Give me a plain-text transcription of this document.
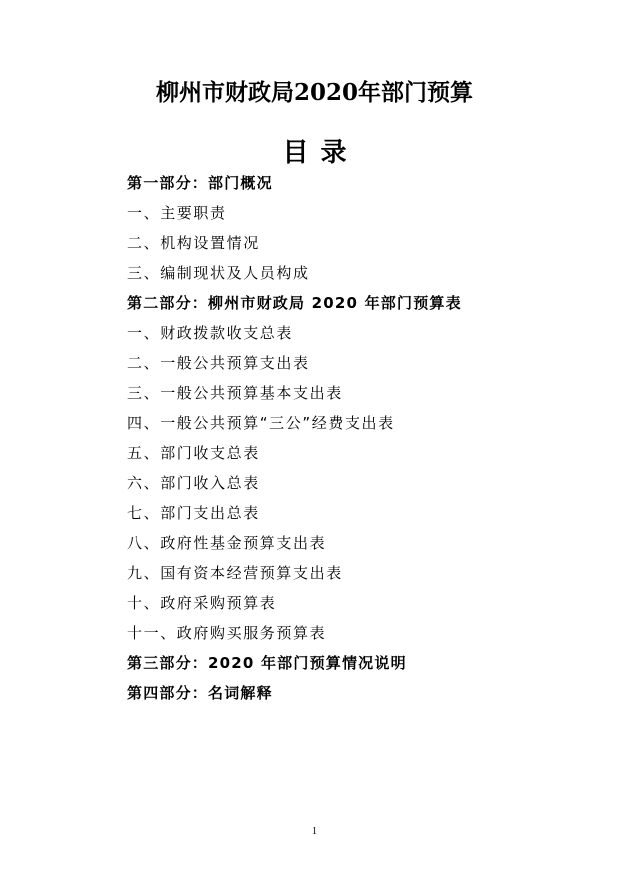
柳州市财政局2020年部门预算
目录
第一部分：部门概况
一、主要职责
二、机构设置情况
三、编制现状及人员构成
第二部分：柳州市财政局 2020 年部门预算表
一、财政拨款收支总表
二、一般公共预算支出表
三、一般公共预算基本支出表
四、一般公共预算“三公”经费支出表
五、部门收支总表
六、部门收入总表
七、部门支出总表
八、政府性基金预算支出表
九、国有资本经营预算支出表
十、政府采购预算表
十一、政府购买服务预算表
第三部分：2020 年部门预算情况说明
第四部分：名词解释
1
